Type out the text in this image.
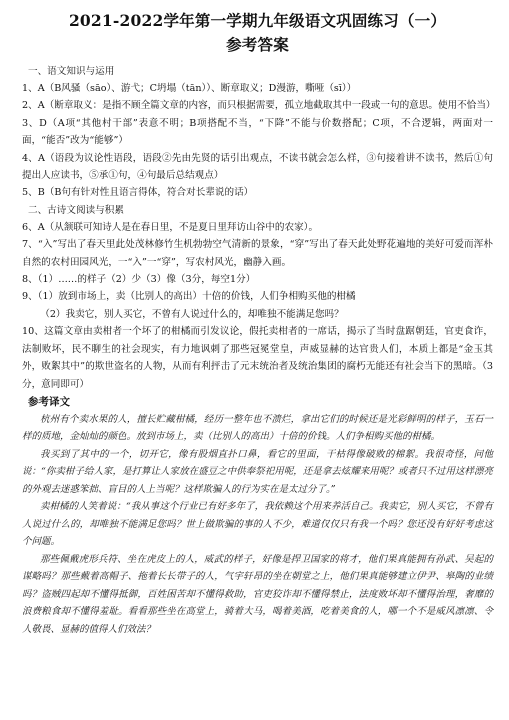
2021-2022学年第一学期九年级语文巩固练习（一）

参考答案

一、语文知识与运用

1、A（B风骚（sāo）、游弋；C坍塌（tān））、断章取义；D漫游，嘶哑（sī））

2、A（断章取义：是指不顾全篇文章的内容，而只根据需要，孤立地截取其中一段或一句的意思。使用不恰当）

3、D（A项“其他村干部”表意不明；B项搭配不当，“下降”不能与价数搭配；C项，不合逻辑，两面对一面，“能否”改为“能够”）

4、A（语段为议论性语段，语段②先由先贤的话引出观点，不读书就会怎么样，③句接着讲不读书，然后①句提出人应读书，⑤承①句，④句最后总结观点）

5、B（B句有针对性且语言得体，符合对长辈说的话）

二、古诗文阅读与积累

6、A（从颔联可知诗人是在春日里，不是夏日里拜访山谷中的农家）。

7、“入”写出了春天里此处茂林修竹生机勃勃空气清新的景象，“穿”写出了春天此处野花遍地的美好可爱而浑朴自然的农村田园风光，一“入”一“穿”，写农村风光，幽静入画。

8、（1）……的样子（2）少（3）像（3分，每空1分）

9、（1）放到市场上，卖（比别人的高出）十倍的价钱，人们争相购买他的柑橘

（2）我卖它，别人买它，不曾有人说过什么的，却唯独不能满足您吗？

10、这篇文章由卖柑者一个坏了的柑橘而引发议论，假托卖柑者的一席话，揭示了当时盘踞朝廷，官吏食诈，法制败坏，民不聊生的社会现实，有力地讽刺了那些冠冕堂皇，声威显赫的达官贵人们，本质上都是“金玉其外，败絮其中”的欺世盗名的人物，从而有利抨击了元末统治者及统治集团的腐朽无能还有社会当下的黑暗。（3分，意同即可）

参考译文

杭州有个卖水果的人，擅长贮藏柑橘，经历一整年也不溃烂，拿出它们的时候还是光彩鲜明的样子，玉石一样的质地，金灿灿的颜色。放到市场上，卖（比别人的高出）十倍的价钱。人们争相购买他的柑橘。

我买到了其中的一个，切开它，像有股烟直扑口鼻，看它的里面，干枯得像破败的棉絮。我很奇怪，问他说：“你卖柑子给人家，是打算让人家放在盛豆之中供奉祭祀用呢，还是拿去炫耀来用呢？或者只不过用这样漂亮的外观去迷惑笨拙、盲目的人上当呢？这样欺骗人的行为实在是太过分了。”

卖柑橘的人笑着说：“我从事这个行业已有好多年了，我依赖这个用来养活自己。我卖它，别人买它，不曾有人说过什么的，却唯独不能满足您吗？世上做欺骗的事的人不少，难道仅仅只有我一个吗？您还没有好好考虑这个问题。

那些佩戴虎形兵符、坐在虎皮上的人，威武的样子，好像是捍卫国家的将才，他们果真能拥有孙武、吴起的谋略吗？那些戴着高帽子、拖着长长带子的人，气宇轩昂的坐在朝堂之上，他们果真能够建立伊尹、皋陶的业绩吗？盗贼四起却不懂得抵御，百姓困苦却不懂得救助，官吏狡诈却不懂得禁止，法度败坏却不懂得治理，奢靡的浪费粮食却不懂得羞耻。看看那些坐在高堂上，骑着大马，喝着美酒，吃着美食的人，哪一个不是威风凛凛、令人敬畏、显赫的值得人们效法？
